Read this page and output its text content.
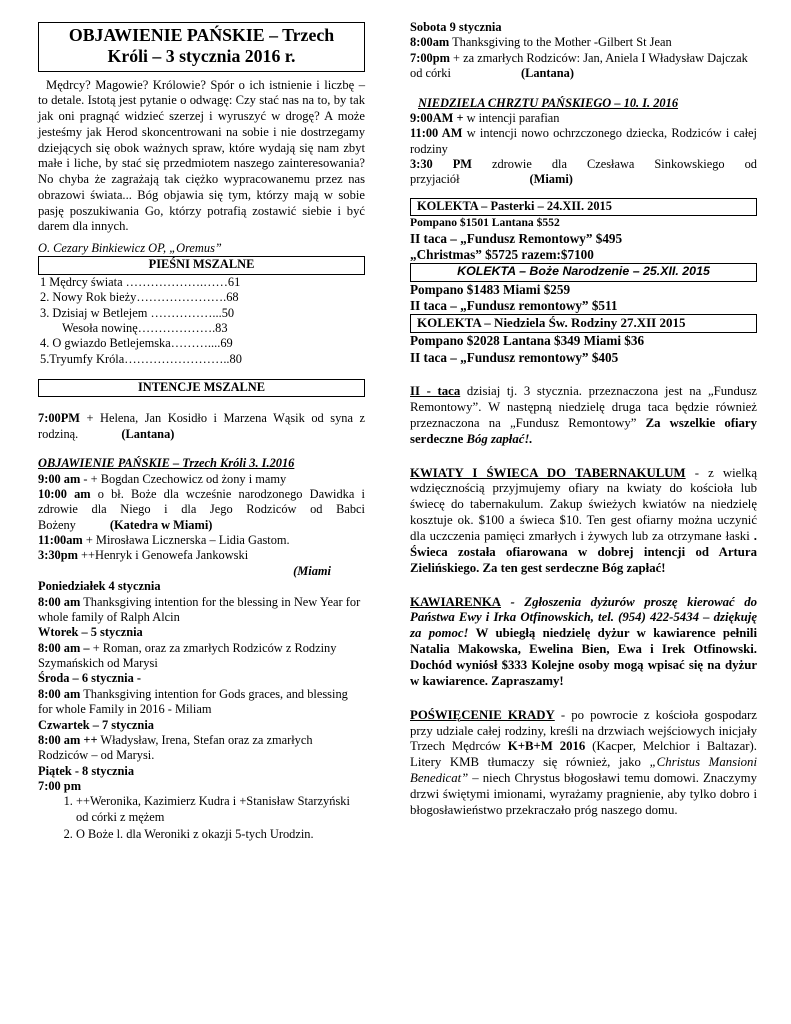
OBJAWIENIE PAŃSKIE – Trzech
Króli – 3 stycznia 2016 r.

Mędrcy? Magowie? Królowie? Spór o ich istnienie i liczbę – to detale. Istotą jest pytanie o odwagę: Czy stać nas na to, by tak jak oni pragnąć widzieć szerzej i wyruszyć w drogę? A może jesteśmy jak Herod skoncentrowani na sobie i nie dostrzegamy dziejących się obok ważnych spraw, które wydają się nam zbyt małe i liche, by stać się przedmiotem naszego zainteresowania? No chyba że zagrażają tak ciężko wypracowanemu przez nas obrazowi świata... Bóg objawia się tym, którzy mają w sobie pasję poszukiwania Go, którzy potrafią zostawić siebie i być darem dla innych.

O. Cezary Binkiewicz OP, „Oremus”

PIEŚNI MSZALNE
1 Mędrcy świata ……………….……61
2. Nowy Rok bieży………………….68
3. Dzisiaj w Betlejem ……………...50
Wesoła nowinę……………….83
4. O gwiazdo Betlejemska………....69
5.Tryumfy Króla……………………..80
INTENCJE MSZALNE

7:00PM + Helena, Jan Kosidło i Marzena Wąsik od syna z rodziną.	(Lantana)

OBJAWIENIE PAŃSKIE – Trzech Króli 3. I.2016
9:00 am - + Bogdan Czechowicz od żony i mamy

10:00 am o bł. Boże dla wcześnie narodzonego Dawidka i zdrowie dla Niego i dla Jego Rodziców od Babci Bożeny	(Katedra w Miami)

11:00am + Mirosława Licznerska – Lidia Gastom.
3:30pm ++Henryk i Genowefa Jankowski
(Miami
Poniedziałek 4 stycznia
8:00 am Thanksgiving intention for the blessing in New Year for whole family of Ralph Alcin
Wtorek – 5 stycznia
8:00 am – + Roman, oraz za zmarłych Rodziców z Rodziny Szymańskich od Marysi
Środa – 6 stycznia -
8:00 am Thanksgiving intention for Gods graces, and blessing for whole Family in 2016 - Miliam
Czwartek – 7 stycznia
8:00 am ++ Władysław, Irena, Stefan oraz za zmarłych Rodziców – od Marysi.
Piątek - 8 stycznia
7:00 pm
1. ++Weronika, Kazimierz Kudra i +Stanisław Starzyński od córki z mężem
2. O Boże l. dla Weroniki z okazji 5-tych Urodzin.
Sobota 9 stycznia
8:00am Thanksgiving to the Mother -Gilbert St Jean
7:00pm + za zmarłych Rodziców: Jan, Aniela I Władysław Dajczak od córki	(Lantana)
NIEDZIELA CHRZTU PAŃSKIEGO – 10. I. 2016
9:00AM + w intencji parafian

11:00 AM w intencji nowo ochrzczonego dziecka, Rodziców i całej rodziny

3:30 PM zdrowie dla Czesława Sinkowskiego od przyjaciół	(Miami)

KOLEKTA – Pasterki – 24.XII. 2015
Pompano $1501 Lantana $552
II taca – „Fundusz Remontowy” $495
„Christmas” $5725 razem:$7100
KOLEKTA – Boże Narodzenie – 25.XII. 2015
Pompano $1483 Miami $259
II taca – „Fundusz remontowy” $511
KOLEKTA – Niedziela Św. Rodziny 27.XII 2015
Pompano $2028 Lantana $349 Miami $36
II taca – „Fundusz remontowy” $405

II - taca dzisiaj tj. 3 stycznia. przeznaczona jest na „Fundusz Remontowy”. W następną niedzielę druga taca będzie również przeznaczona na „Fundusz Remontowy” Za wszelkie ofiary serdeczne Bóg zapłać!.

KWIATY I ŚWIECA DO TABERNAKULUM - z wielką wdzięcznością przyjmujemy ofiary na kwiaty do kościoła lub świecę do tabernakulum. Zakup świeżych kwiatów na niedzielę kosztuje ok. $100 a świeca $10. Ten gest ofiarny można uczynić dla uczczenia pamięci zmarłych i żywych lub za otrzymane łaski . Świeca została ofiarowana w dobrej intencji od Artura Zielińskiego. Za ten gest serdeczne Bóg zapłać!

KAWIARENKA - Zgłoszenia dyżurów proszę kierować do Państwa Ewy i Irka Otfinowskich, tel. (954) 422-5434 – dziękuję za pomoc! W ubiegłą niedzielę dyżur w kawiarence pełnili Natalia Makowska, Ewelina Bien, Ewa i Irek Otfinowski. Dochód wyniósł $333 Kolejne osoby mogą wpisać się na dyżur w kawiarence. Zapraszamy!

POŚWIĘCENIE KRADY - po powrocie z kościoła gospodarz przy udziale całej rodziny, kreśli na drzwiach wejściowych inicjały Trzech Mędrców K+B+M 2016 (Kacper, Melchior i Baltazar). Litery KMB tłumaczy się również, jako „Christus Mansioni Benedicat” – niech Chrystus błogosławi temu domowi. Znaczymy drzwi świętymi imionami, wyrażamy pragnienie, aby tylko dobro i błogosławieństwo przekraczało próg naszego domu.
